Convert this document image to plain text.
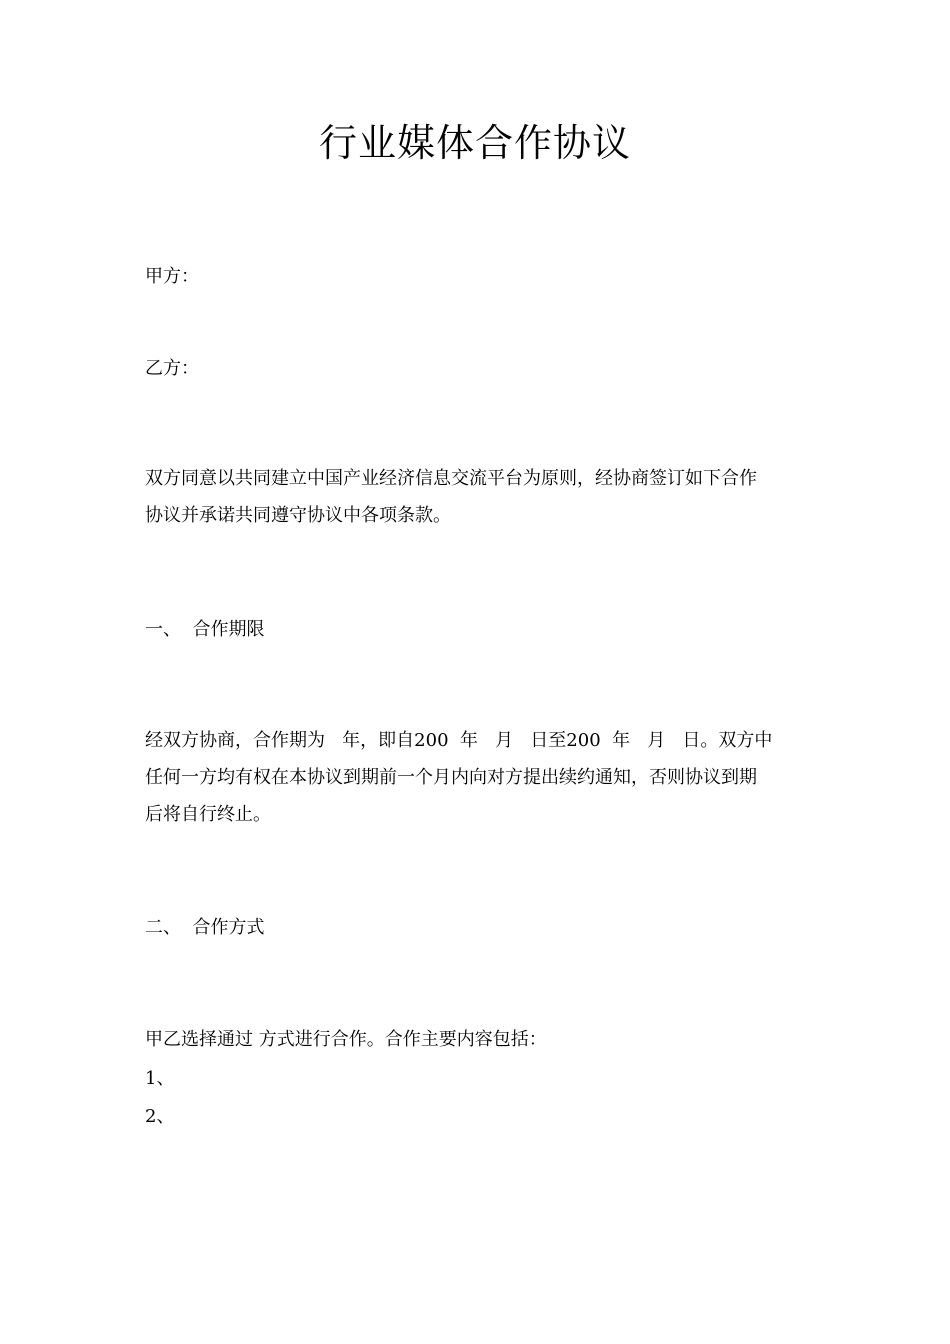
行业媒体合作协议
甲方：
乙方：
双方同意以共同建立中国产业经济信息交流平台为原则，经协商签订如下合作
协议并承诺共同遵守协议中各项条款。
一、  合作期限
经双方协商，合作期为   年，即自200  年   月   日至200  年   月   日。双方中
任何一方均有权在本协议到期前一个月内向对方提出续约通知，否则协议到期
后将自行终止。
二、  合作方式
甲乙选择通过 方式进行合作。合作主要内容包括：
1、
2、
